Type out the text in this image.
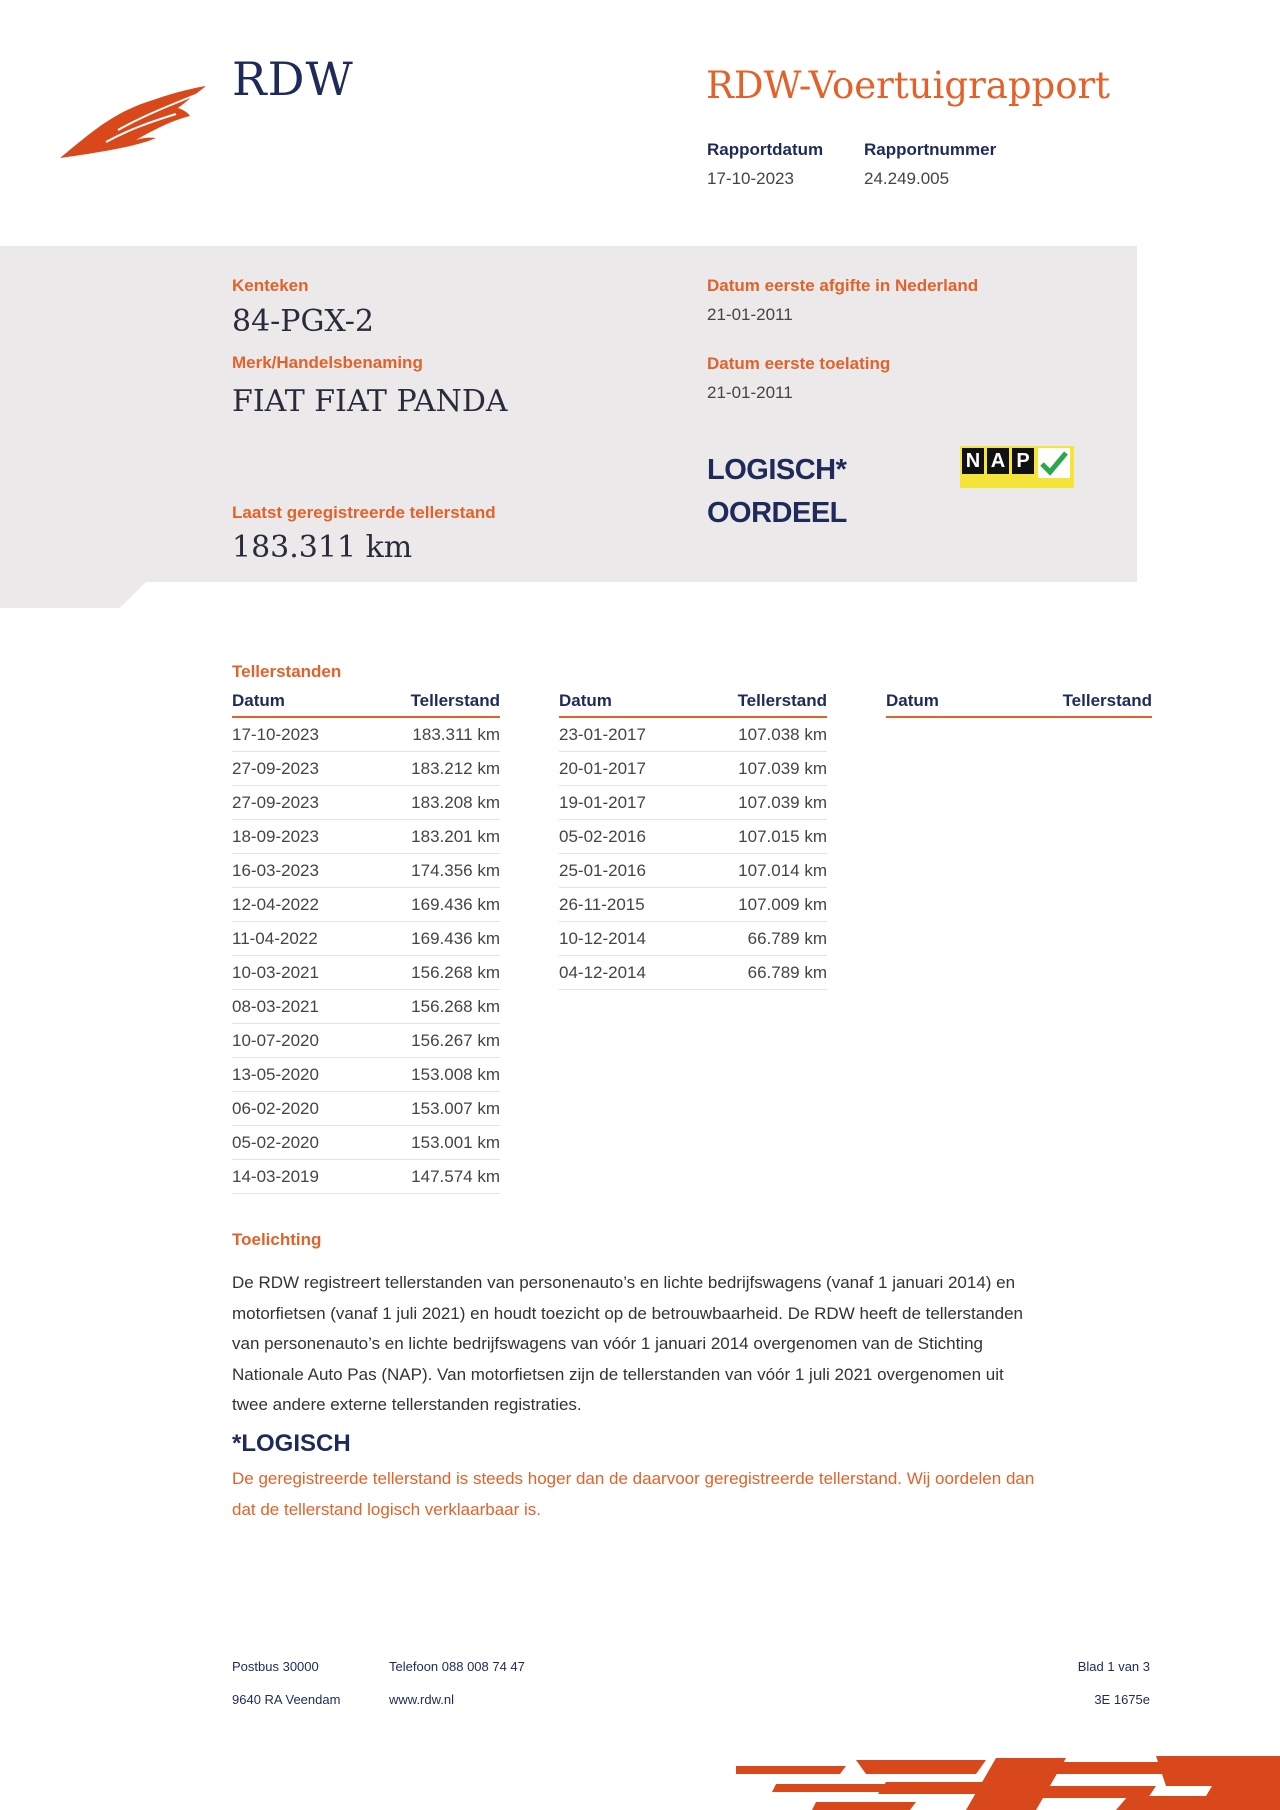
RDW	RDW-Voertuigrapport
Rapportdatum
17-10-2023
Rapportnummer
24.249.005
Kenteken
84-PGX-2
Merk/Handelsbenaming
FIAT FIAT PANDA
Laatst geregistreerde tellerstand
183.311 km
Datum eerste afgifte in Nederland
21-01-2011
Datum eerste toelating
21-01-2011
LOGISCH*
OORDEEL
N A P
Tellerstanden
Datum	Tellerstand
17-10-2023	183.311 km
27-09-2023	183.212 km
27-09-2023	183.208 km
18-09-2023	183.201 km
16-03-2023	174.356 km
12-04-2022	169.436 km
11-04-2022	169.436 km
10-03-2021	156.268 km
08-03-2021	156.268 km
10-07-2020	156.267 km
13-05-2020	153.008 km
06-02-2020	153.007 km
05-02-2020	153.001 km
14-03-2019	147.574 km
Datum	Tellerstand
23-01-2017	107.038 km
20-01-2017	107.039 km
19-01-2017	107.039 km
05-02-2016	107.015 km
25-01-2016	107.014 km
26-11-2015	107.009 km
10-12-2014	66.789 km
04-12-2014	66.789 km
Datum	Tellerstand
Toelichting
De RDW registreert tellerstanden van personenauto’s en lichte bedrijfswagens (vanaf 1 januari 2014) en
motorfietsen (vanaf 1 juli 2021) en houdt toezicht op de betrouwbaarheid. De RDW heeft de tellerstanden
van personenauto’s en lichte bedrijfswagens van vóór 1 januari 2014 overgenomen van de Stichting
Nationale Auto Pas (NAP). Van motorfietsen zijn de tellerstanden van vóór 1 juli 2021 overgenomen uit
twee andere externe tellerstanden registraties.
*LOGISCH
De geregistreerde tellerstand is steeds hoger dan de daarvoor geregistreerde tellerstand. Wij oordelen dan
dat de tellerstand logisch verklaarbaar is.
Postbus 30000
9640 RA Veendam
Telefoon 088 008 74 47
www.rdw.nl
Blad 1 van 3
3E 1675e
